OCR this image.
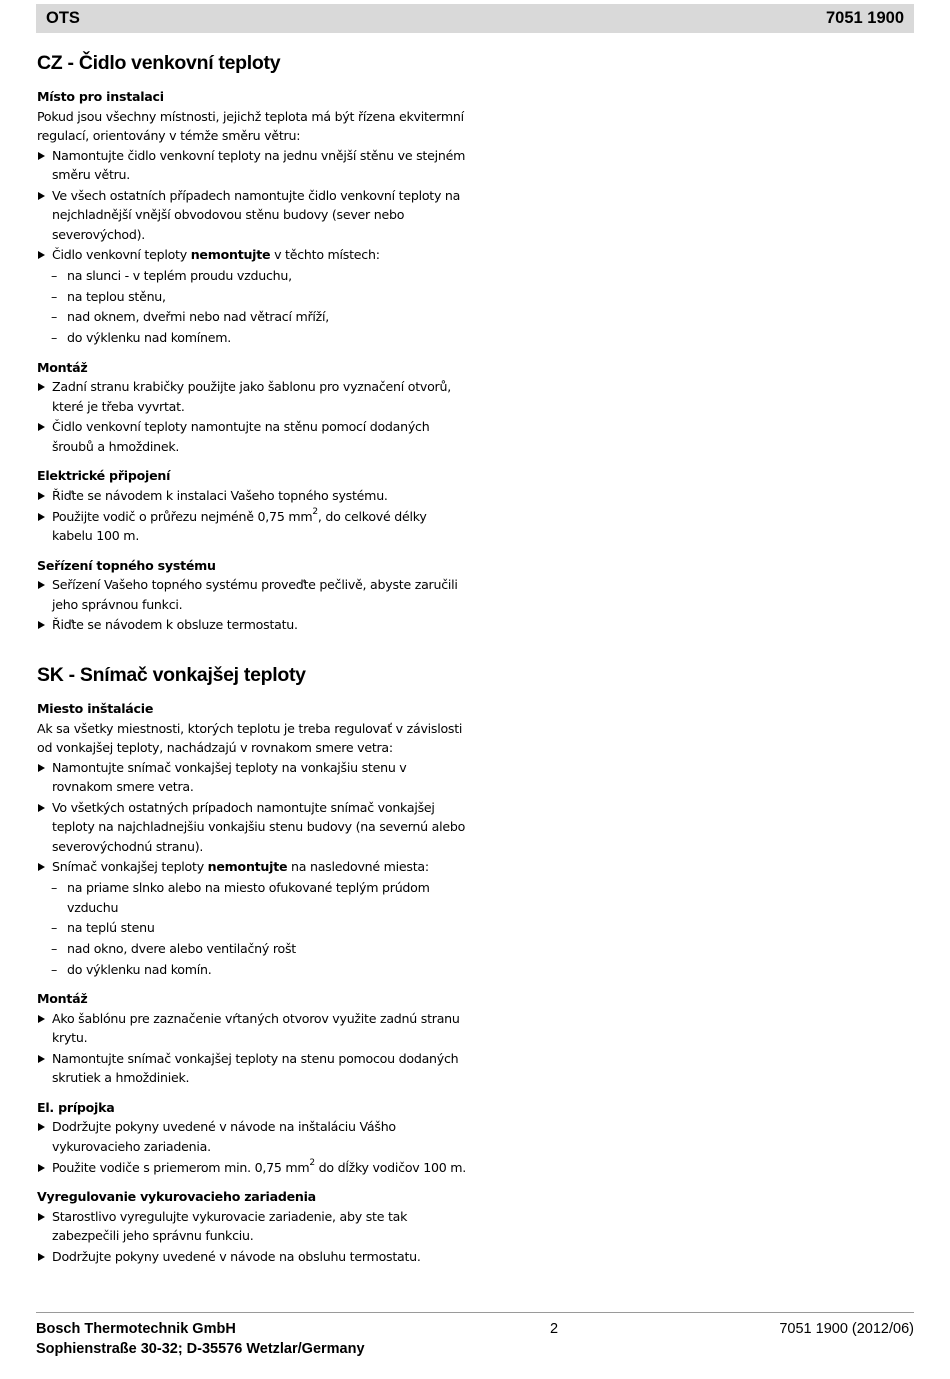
OTS	7051 1900

CZ - Čidlo venkovní teploty

Místo pro instalaci

Pokud jsou všechny místnosti, jejichž teplota má být řízena ekvitermní regulací, orientovány v témže směru větru:

Namontujte čidlo venkovní teploty na jednu vnější stěnu ve stejném směru větru.

Ve všech ostatních případech namontujte čidlo venkovní teploty na nejchladnější vnější obvodovou stěnu budovy (sever nebo severovýchod).

Čidlo venkovní teploty nemontujte v těchto místech:

– na slunci - v teplém proudu vzduchu,

– na teplou stěnu,

– nad oknem, dveřmi nebo nad větrací mříží,

– do výklenku nad komínem.

Montáž

Zadní stranu krabičky použijte jako šablonu pro vyznačení otvorů, které je třeba vyvrtat.

Čidlo venkovní teploty namontujte na stěnu pomocí dodaných šroubů a hmoždinek.

Elektrické připojení

Řiďte se návodem k instalaci Vašeho topného systému.

Použijte vodič o průřezu nejméně 0,75 $mm^2$, do celkové délky kabelu 100 m.

Seřízení topného systému

Seřízení Vašeho topného systému proveďte pečlivě, abyste zaručili jeho správnou funkci.

Řiďte se návodem k obsluze termostatu.

SK - Snímač vonkajšej teploty

Miesto inštalácie

Ak sa všetky miestnosti, ktorých teplotu je treba regulovať v závislosti od vonkajšej teploty, nachádzajú v rovnakom smere vetra:

Namontujte snímač vonkajšej teploty na vonkajšiu stenu v rovnakom smere vetra.

Vo všetkých ostatných prípadoch namontujte snímač vonkajšej teploty na najchladnejšiu vonkajšiu stenu budovy (na severnú alebo severovýchodnú stranu).

Snímač vonkajšej teploty nemontujte na nasledovné miesta:

– na priame slnko alebo na miesto ofukované teplým prúdom vzduchu

– na teplú stenu

– nad okno, dvere alebo ventilačný rošt

– do výklenku nad komín.

Montáž

Ako šablónu pre zaznačenie vŕtaných otvorov využite zadnú stranu krytu.

Namontujte snímač vonkajšej teploty na stenu pomocou dodaných skrutiek a hmoždiniek.

El. prípojka

Dodržujte pokyny uvedené v návode na inštaláciu Vášho vykurovacieho zariadenia.

Použite vodiče s priemerom min. 0,75 $mm^2$ do dĺžky vodičov 100 m.

Vyregulovanie vykurovacieho zariadenia

Starostlivo vyregulujte vykurovacie zariadenie, aby ste tak zabezpečili jeho správnu funkciu.

Dodržujte pokyny uvedené v návode na obsluhu termostatu.

Bosch Thermotechnik GmbH
Sophienstraße 30-32; D-35576 Wetzlar/Germany
2	7051 1900 (2012/06)
